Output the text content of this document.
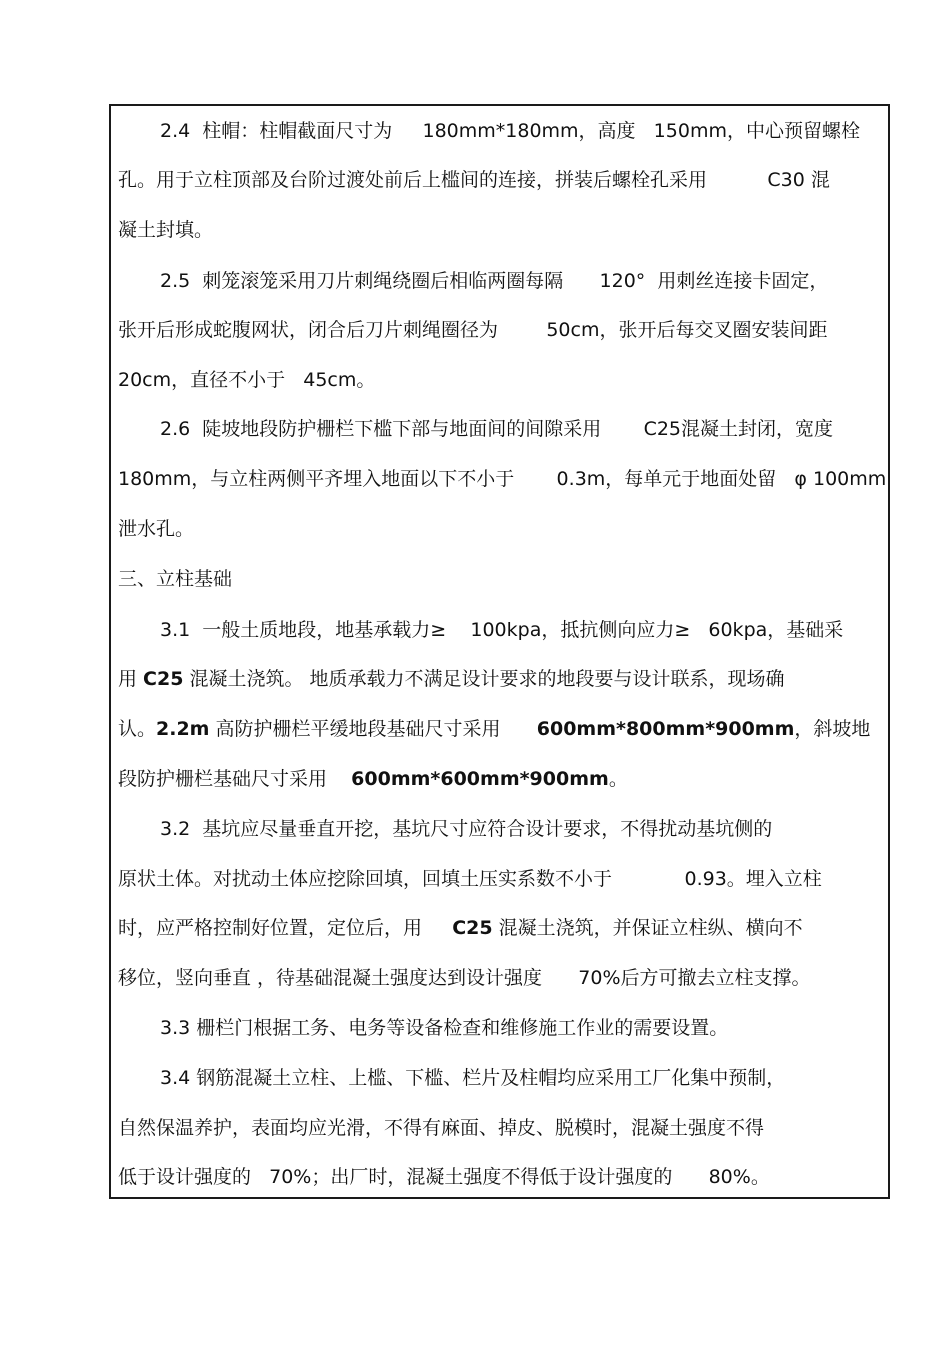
2.4  柱帽：柱帽截面尺寸为     180mm*180mm，高度   150mm，中心预留螺栓
孔。用于立柱顶部及台阶过渡处前后上槛间的连接，拼装后螺栓孔采用          C30 混
凝土封填。
2.5  刺笼滚笼采用刀片刺绳绕圈后相临两圈每隔      120°  用刺丝连接卡固定，
张开后形成蛇腹网状，闭合后刀片刺绳圈径为        50cm，张开后每交叉圈安装间距
20cm，直径不小于   45cm。
2.6  陡坡地段防护栅栏下槛下部与地面间的间隙采用       C25混凝土封闭，宽度
180mm，与立柱两侧平齐埋入地面以下不小于       0.3m，每单元于地面处留   φ 100mm
泄水孔。
三、立柱基础
3.1  一般土质地段，地基承载力≥    100kpa，抵抗侧向应力≥   60kpa，基础采
用 C25 混凝土浇筑。 地质承载力不满足设计要求的地段要与设计联系，现场确
认。2.2m 高防护栅栏平缓地段基础尺寸采用      600mm*800mm*900mm，斜坡地
段防护栅栏基础尺寸采用    600mm*600mm*900mm。
3.2  基坑应尽量垂直开挖，基坑尺寸应符合设计要求，不得扰动基坑侧的
原状土体。对扰动土体应挖除回填，回填土压实系数不小于            0.93。埋入立柱
时，应严格控制好位置，定位后，用     C25 混凝土浇筑，并保证立柱纵、横向不
移位，竖向垂直 ，待基础混凝土强度达到设计强度      70%后方可撤去立柱支撑。
3.3 栅栏门根据工务、电务等设备检查和维修施工作业的需要设置。
3.4 钢筋混凝土立柱、上槛、下槛、栏片及柱帽均应采用工厂化集中预制，
自然保温养护，表面均应光滑，不得有麻面、掉皮、脱模时，混凝土强度不得
低于设计强度的   70%；出厂时，混凝土强度不得低于设计强度的      80%。
